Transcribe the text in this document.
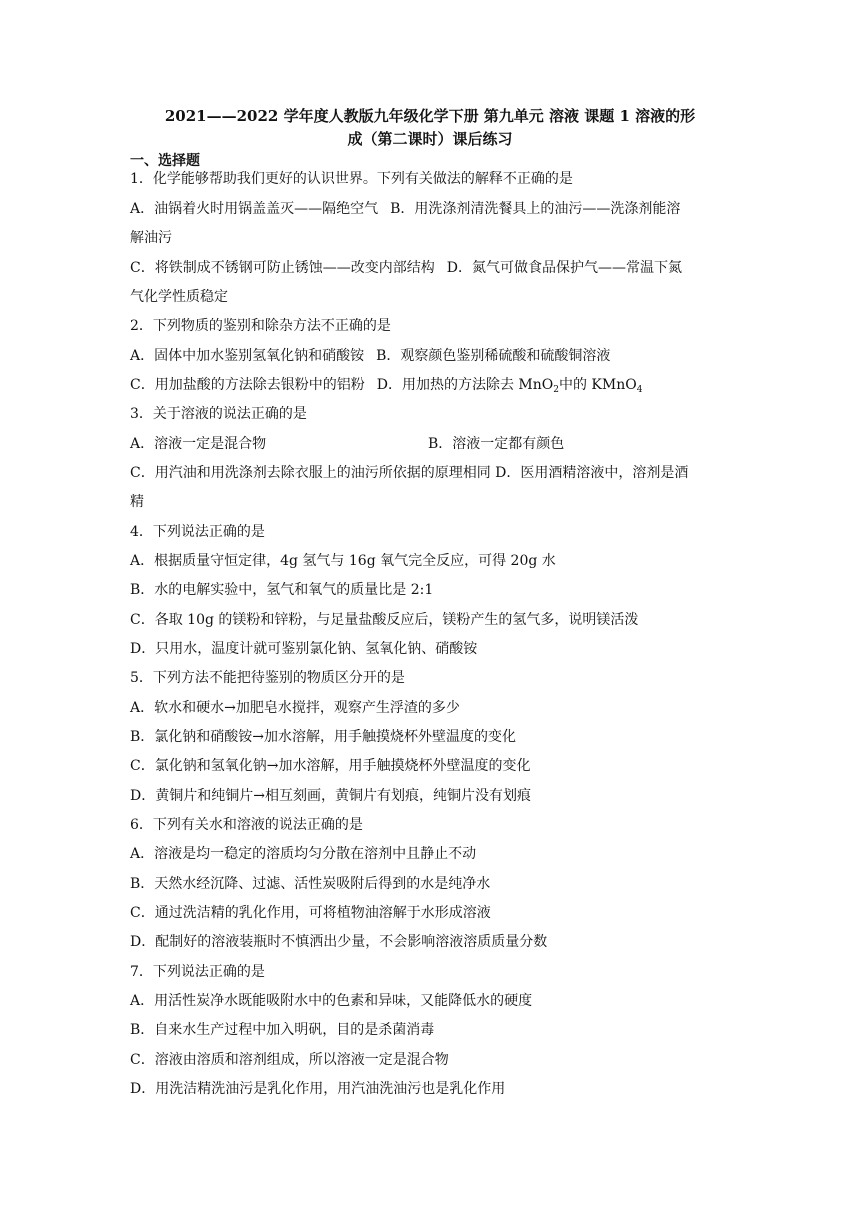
2021——2022 学年度人教版九年级化学下册 第九单元 溶液 课题 1 溶液的形
成（第二课时）课后练习
一、选择题
1．化学能够帮助我们更好的认识世界。下列有关做法的解释不正确的是
A．油锅着火时用锅盖盖灭——隔绝空气 B．用洗涤剂清洗餐具上的油污——洗涤剂能溶
解油污
C．将铁制成不锈钢可防止锈蚀——改变内部结构 D．氮气可做食品保护气——常温下氮
气化学性质稳定
2．下列物质的鉴别和除杂方法不正确的是
A．固体中加水鉴别氢氧化钠和硝酸铵 B．观察颜色鉴别稀硫酸和硫酸铜溶液
C．用加盐酸的方法除去银粉中的铝粉 D．用加热的方法除去 MnO$_2$中的 KMnO$_4$
3．关于溶液的说法正确的是
A．溶液一定是混合物	B．溶液一定都有颜色
C．用汽油和用洗涤剂去除衣服上的油污所依据的原理相同 D．医用酒精溶液中，溶剂是酒
精
4．下列说法正确的是
A．根据质量守恒定律，4g 氢气与 16g 氧气完全反应，可得 20g 水
B．水的电解实验中，氢气和氧气的质量比是 2:1
C．各取 10g 的镁粉和锌粉，与足量盐酸反应后，镁粉产生的氢气多，说明镁活泼
D．只用水，温度计就可鉴别氯化钠、氢氧化钠、硝酸铵
5．下列方法不能把待鉴别的物质区分开的是
A．软水和硬水→加肥皂水搅拌，观察产生浮渣的多少
B．氯化钠和硝酸铵→加水溶解，用手触摸烧杯外壁温度的变化
C．氯化钠和氢氧化钠→加水溶解，用手触摸烧杯外壁温度的变化
D．黄铜片和纯铜片→相互刻画，黄铜片有划痕，纯铜片没有划痕
6．下列有关水和溶液的说法正确的是
A．溶液是均一稳定的溶质均匀分散在溶剂中且静止不动
B．天然水经沉降、过滤、活性炭吸附后得到的水是纯净水
C．通过洗洁精的乳化作用，可将植物油溶解于水形成溶液
D．配制好的溶液装瓶时不慎洒出少量，不会影响溶液溶质质量分数
7．下列说法正确的是
A．用活性炭净水既能吸附水中的色素和异味，又能降低水的硬度
B．自来水生产过程中加入明矾，目的是杀菌消毒
C．溶液由溶质和溶剂组成，所以溶液一定是混合物
D．用洗洁精洗油污是乳化作用，用汽油洗油污也是乳化作用
